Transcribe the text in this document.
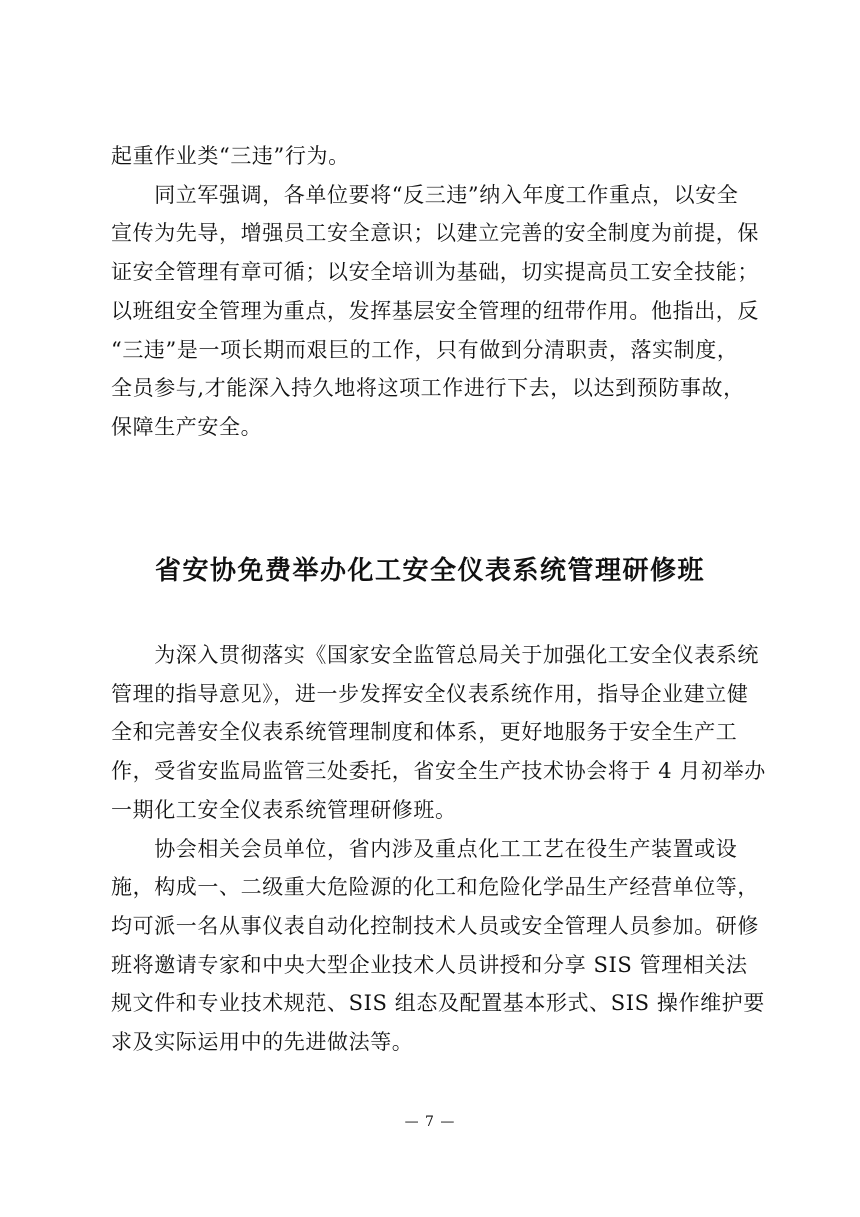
起重作业类“三违”行为。
　　同立军强调，各单位要将“反三违”纳入年度工作重点，以安全
宣传为先导，增强员工安全意识；以建立完善的安全制度为前提，保
证安全管理有章可循；以安全培训为基础，切实提高员工安全技能；
以班组安全管理为重点，发挥基层安全管理的纽带作用。他指出，反
“三违”是一项长期而艰巨的工作，只有做到分清职责，落实制度，
全员参与,才能深入持久地将这项工作进行下去，以达到预防事故，
保障生产安全。
省安协免费举办化工安全仪表系统管理研修班
　　为深入贯彻落实《国家安全监管总局关于加强化工安全仪表系统
管理的指导意见》，进一步发挥安全仪表系统作用，指导企业建立健
全和完善安全仪表系统管理制度和体系，更好地服务于安全生产工
作，受省安监局监管三处委托，省安全生产技术协会将于 4 月初举办
一期化工安全仪表系统管理研修班。
　　协会相关会员单位，省内涉及重点化工工艺在役生产装置或设
施，构成一、二级重大危险源的化工和危险化学品生产经营单位等，
均可派一名从事仪表自动化控制技术人员或安全管理人员参加。研修
班将邀请专家和中央大型企业技术人员讲授和分享 SIS 管理相关法
规文件和专业技术规范、SIS 组态及配置基本形式、SIS 操作维护要
求及实际运用中的先进做法等。
— 7 —
